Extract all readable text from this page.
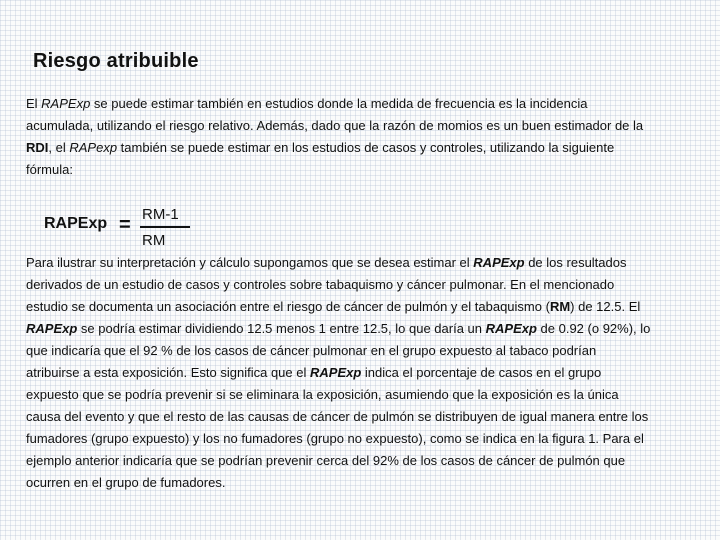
Riesgo atribuible
El RAPExp se puede estimar también en estudios donde la medida de frecuencia es la incidencia
acumulada, utilizando el riesgo relativo. Además, dado que la razón de momios es un buen estimador de la
RDI, el RAPexp también se puede estimar en los estudios de casos y controles, utilizando la siguiente
fórmula:
RAPExp = RM-1
RM
Para ilustrar su interpretación y cálculo supongamos que se desea estimar el RAPExp de los resultados
derivados de un estudio de casos y controles sobre tabaquismo y cáncer pulmonar. En el mencionado
estudio se documenta un asociación entre el riesgo de cáncer de pulmón y el tabaquismo (RM) de 12.5. El
RAPExp se podría estimar dividiendo 12.5 menos 1 entre 12.5, lo que daría un RAPExp de 0.92 (o 92%), lo
que indicaría que el 92 % de los casos de cáncer pulmonar en el grupo expuesto al tabaco podrían
atribuirse a esta exposición. Esto significa que el RAPExp indica el porcentaje de casos en el grupo
expuesto que se podría prevenir si se eliminara la exposición, asumiendo que la exposición es la única
causa del evento y que el resto de las causas de cáncer de pulmón se distribuyen de igual manera entre los
fumadores (grupo expuesto) y los no fumadores (grupo no expuesto), como se indica en la figura 1. Para el
ejemplo anterior indicaría que se podrían prevenir cerca del 92% de los casos de cáncer de pulmón que
ocurren en el grupo de fumadores.
